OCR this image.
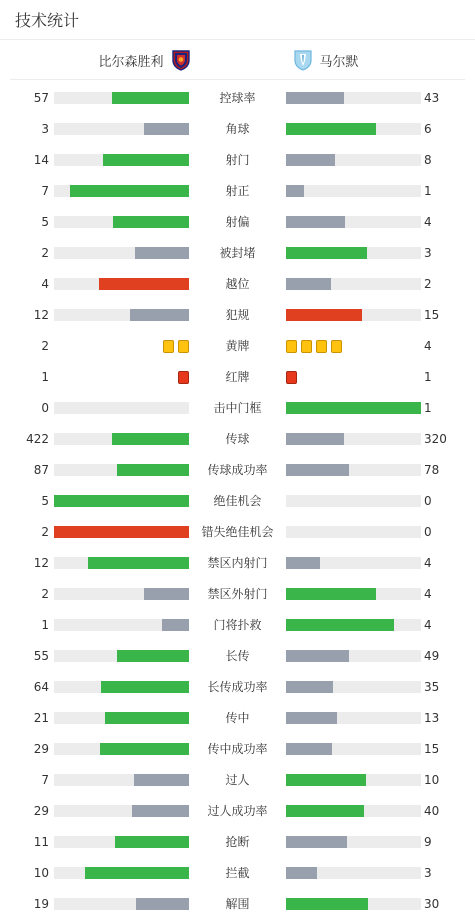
技术统计
比尔森胜利	马尔默
57	控球率	43
3	角球	6
14	射门	8
7	射正	1
5	射偏	4
2	被封堵	3
4	越位	2
12	犯规	15
2	黄牌	4
1	红牌	1
0	击中门框	1
422	传球	320
87	传球成功率	78
5	绝佳机会	0
2	错失绝佳机会	0
12	禁区内射门	4
2	禁区外射门	4
1	门将扑救	4
55	长传	49
64	长传成功率	35
21	传中	13
29	传中成功率	15
7	过人	10
29	过人成功率	40
11	抢断	9
10	拦截	3
19	解围	30
